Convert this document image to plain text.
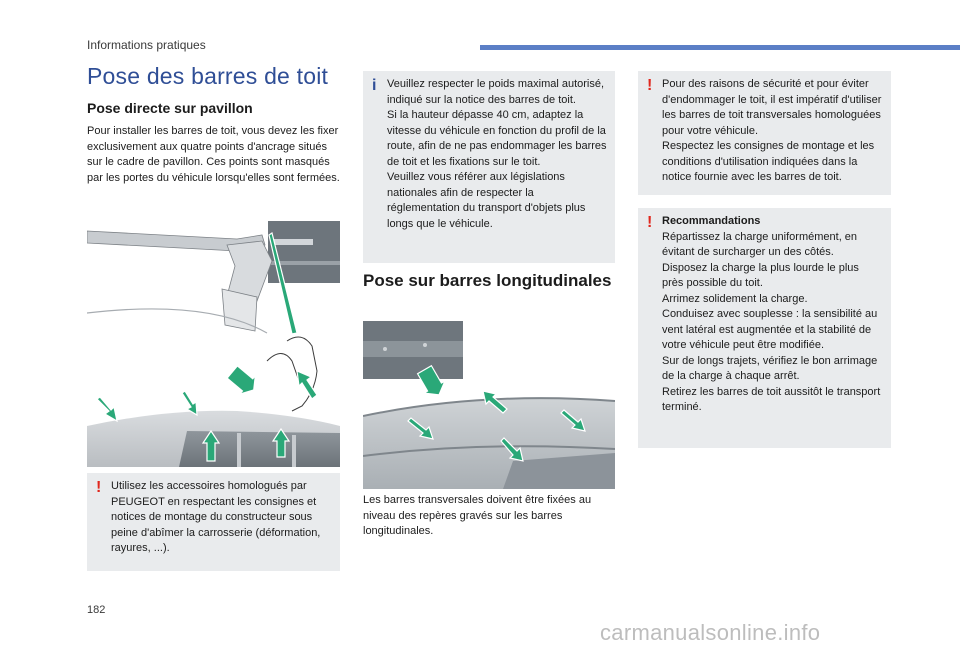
Informations pratiques
Pose des barres de toit
Pose directe sur pavillon
Pour installer les barres de toit, vous devez les fixer exclusivement aux quatre points d'ancrage situés sur le cadre de pavillon. Ces points sont masqués par les portes du véhicule lorsqu'elles sont fermées.
! Utilisez les accessoires homologués par PEUGEOT en respectant les consignes et notices de montage du constructeur sous peine d'abîmer la carrosserie (déformation, rayures, ...).
i Veuillez respecter le poids maximal autorisé, indiqué sur la notice des barres de toit.
Si la hauteur dépasse 40 cm, adaptez la vitesse du véhicule en fonction du profil de la route, afin de ne pas endommager les barres de toit et les fixations sur le toit.
Veuillez vous référer aux législations nationales afin de respecter la réglementation du transport d'objets plus longs que le véhicule.
Pose sur barres longitudinales
Les barres transversales doivent être fixées au niveau des repères gravés sur les barres longitudinales.
! Pour des raisons de sécurité et pour éviter d'endommager le toit, il est impératif d'utiliser les barres de toit transversales homologuées pour votre véhicule.
Respectez les consignes de montage et les conditions d'utilisation indiquées dans la notice fournie avec les barres de toit.
! Recommandations
Répartissez la charge uniformément, en évitant de surcharger un des côtés.
Disposez la charge la plus lourde le plus près possible du toit.
Arrimez solidement la charge.
Conduisez avec souplesse : la sensibilité au vent latéral est augmentée et la stabilité de votre véhicule peut être modifiée.
Sur de longs trajets, vérifiez le bon arrimage de la charge à chaque arrêt.
Retirez les barres de toit aussitôt le transport terminé.
182
carmanualsonline.info
